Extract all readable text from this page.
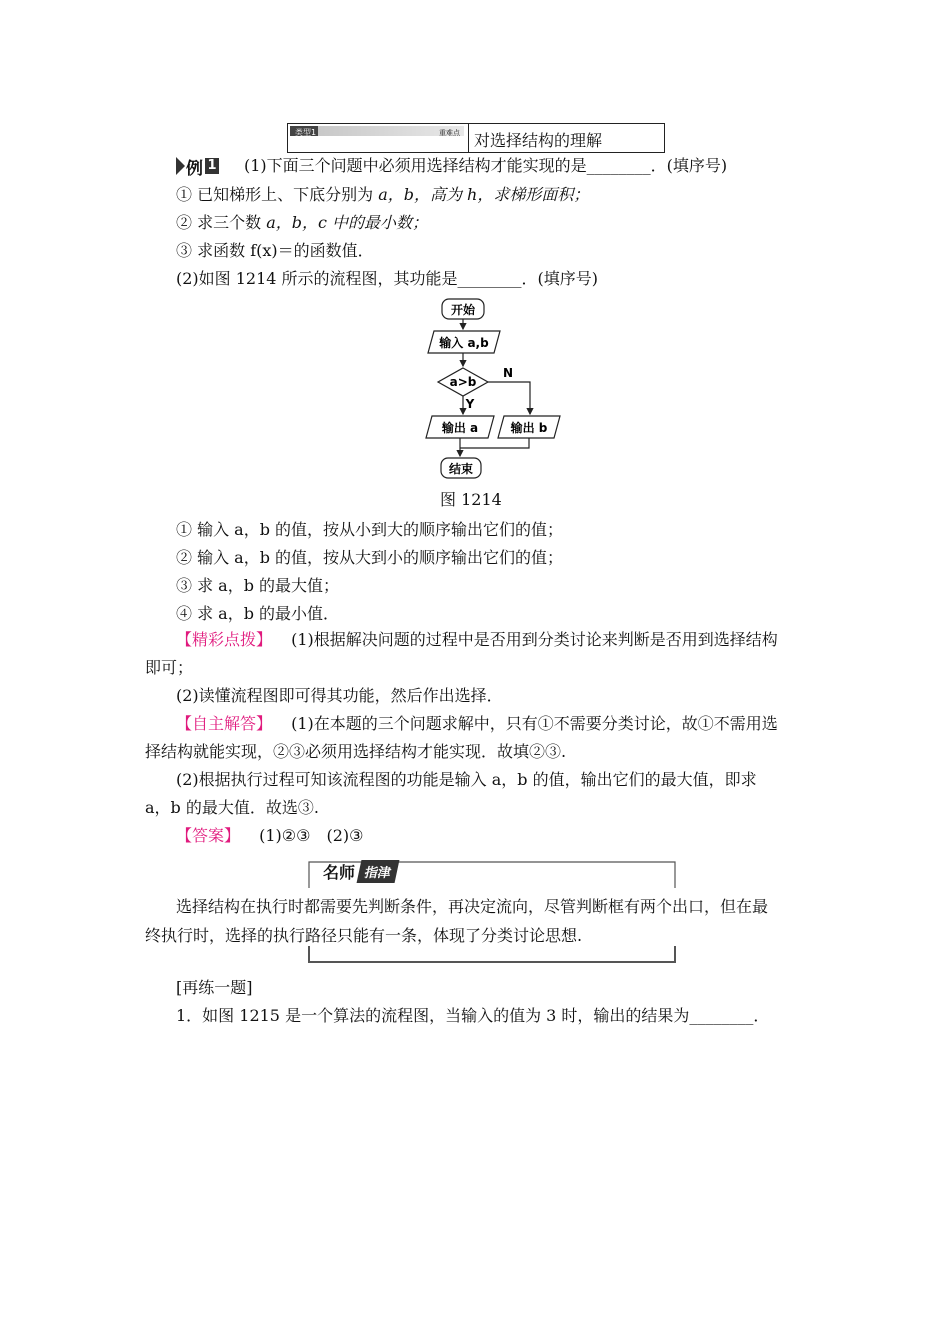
类型1	重难点 对选择结构的理解
例 1 (1)下面三个问题中必须用选择结构才能实现的是________．(填序号)
① 已知梯形上、下底分别为 a，b，高为 h，求梯形面积；
② 求三个数 a，b，c 中的最小数；
③ 求函数 f(x)＝的函数值．
(2)如图 1214 所示的流程图，其功能是________．(填序号)
开始
输入 a,b
a>b
N
Y
输出 a	输出 b
结束
图 1214
① 输入 a，b 的值，按从小到大的顺序输出它们的值；
② 输入 a，b 的值，按从大到小的顺序输出它们的值；
③ 求 a，b 的最大值；
④ 求 a，b 的最小值．
【精彩点拨】 (1)根据解决问题的过程中是否用到分类讨论来判断是否用到选择结构
即可；
(2)读懂流程图即可得其功能，然后作出选择．
【自主解答】 (1)在本题的三个问题求解中，只有①不需要分类讨论，故①不需用选
择结构就能实现，②③必须用选择结构才能实现．故填②③.
(2)根据执行过程可知该流程图的功能是输入 a，b 的值，输出它们的最大值，即求
a，b 的最大值．故选③.
【答案】 (1)②③　(2)③
名师 指津
选择结构在执行时都需要先判断条件，再决定流向，尽管判断框有两个出口，但在最
终执行时，选择的执行路径只能有一条，体现了分类讨论思想.
[再练一题]
1．如图 1215 是一个算法的流程图，当输入的值为 3 时，输出的结果为________．
